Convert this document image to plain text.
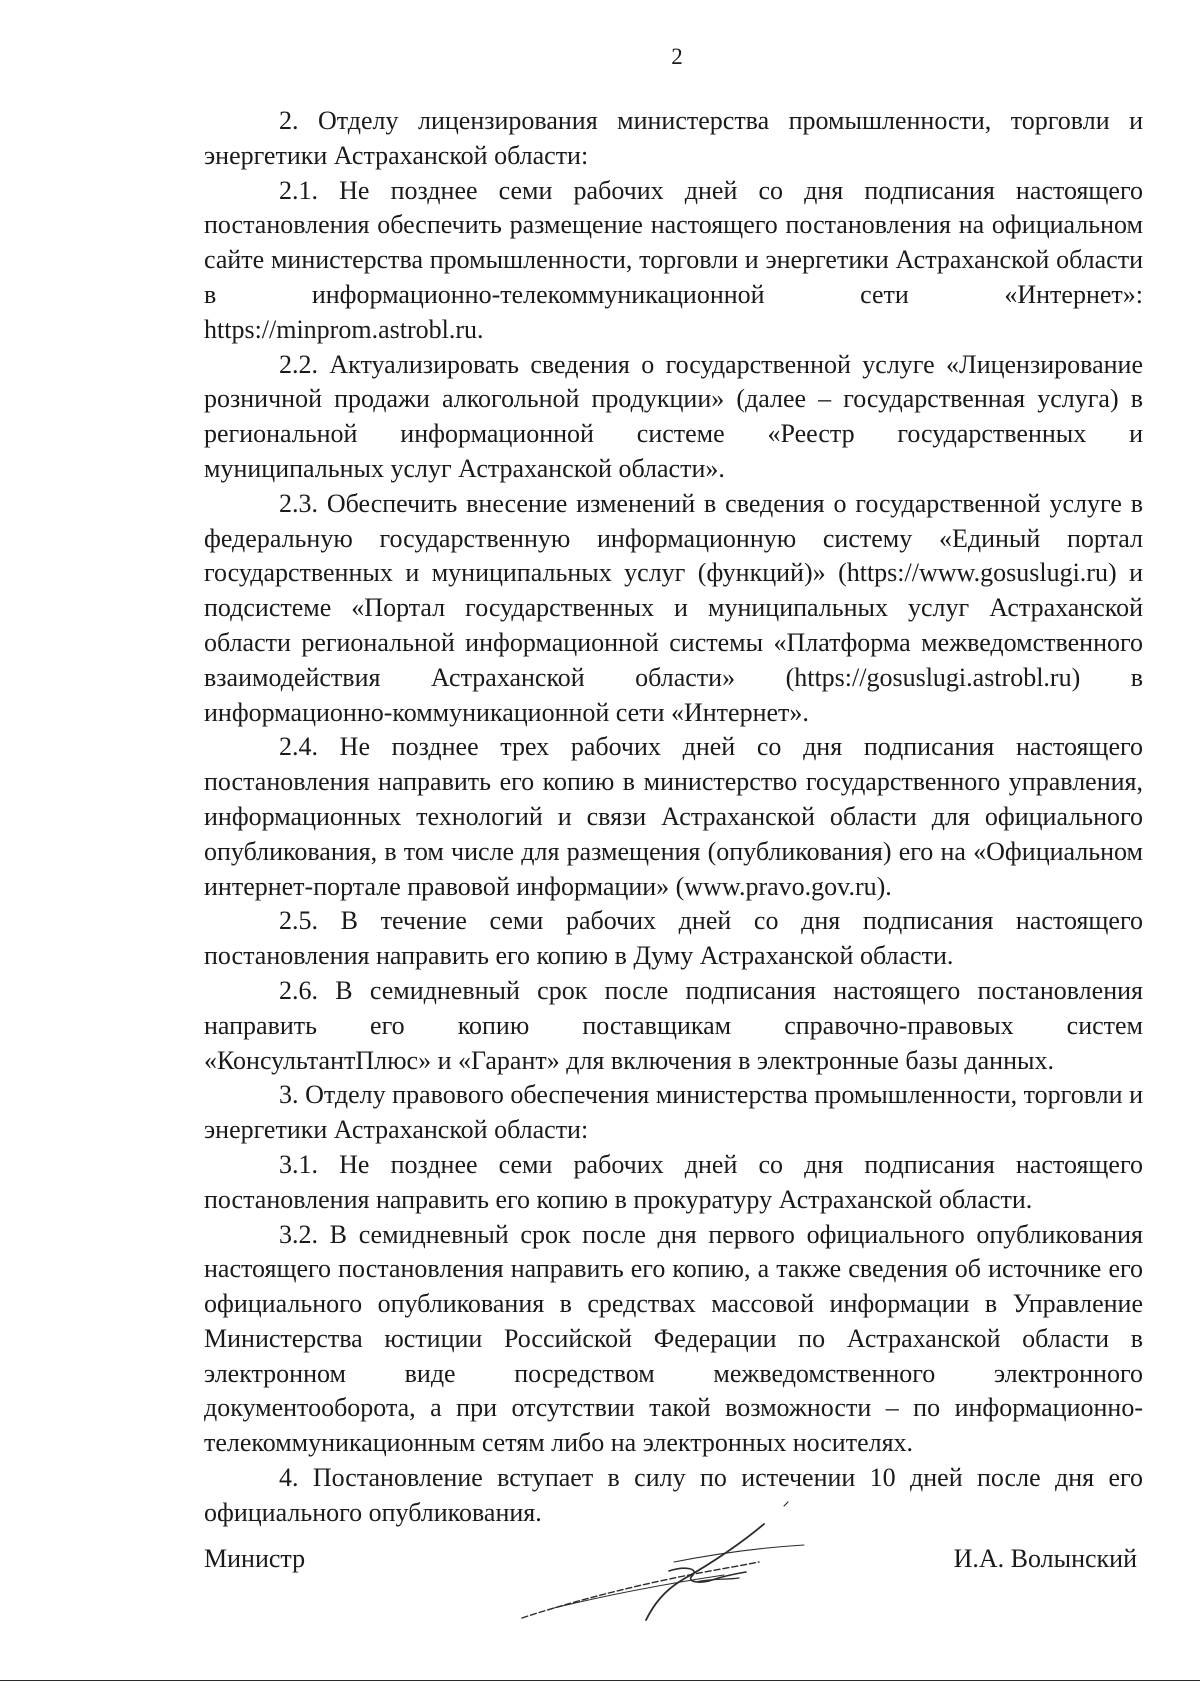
2

2. Отделу лицензирования министерства промышленности, торговли и энергетики Астраханской области:

2.1. Не позднее семи рабочих дней со дня подписания настоящего постановления обеспечить размещение настоящего постановления на официальном сайте министерства промышленности, торговли и энергетики Астраханской области в информационно-телекоммуникационной сети «Интернет»: https://minprom.astrobl.ru.

2.2. Актуализировать сведения о государственной услуге «Лицензирование розничной продажи алкогольной продукции» (далее – государственная услуга) в региональной информационной системе «Реестр государственных и муниципальных услуг Астраханской области».

2.3. Обеспечить внесение изменений в сведения о государственной услуге в федеральную государственную информационную систему «Единый портал государственных и муниципальных услуг (функций)» (https://www.gosuslugi.ru) и подсистеме «Портал государственных и муниципальных услуг Астраханской области региональной информационной системы «Платформа межведомственного взаимодействия Астраханской области» (https://gosuslugi.astrobl.ru) в информационно-коммуникационной сети «Интернет».

2.4. Не позднее трех рабочих дней со дня подписания настоящего постановления направить его копию в министерство государственного управления, информационных технологий и связи Астраханской области для официального опубликования, в том числе для размещения (опубликования) его на «Официальном интернет-портале правовой информации» (www.pravo.gov.ru).

2.5. В течение семи рабочих дней со дня подписания настоящего постановления направить его копию в Думу Астраханской области.

2.6. В семидневный срок после подписания настоящего постановления направить его копию поставщикам справочно-правовых систем «КонсультантПлюс» и «Гарант» для включения в электронные базы данных.

3. Отделу правового обеспечения министерства промышленности, торговли и энергетики Астраханской области:

3.1. Не позднее семи рабочих дней со дня подписания настоящего постановления направить его копию в прокуратуру Астраханской области.

3.2. В семидневный срок после дня первого официального опубликования настоящего постановления направить его копию, а также сведения об источнике его официального опубликования в средствах массовой информации в Управление Министерства юстиции Российской Федерации по Астраханской области в электронном виде посредством межведомственного электронного документооборота, а при отсутствии такой возможности – по информационно-телекоммуникационным сетям либо на электронных носителях.

4. Постановление вступает в силу по истечении 10 дней после дня его официального опубликования.

Министр	И.А. Волынский
